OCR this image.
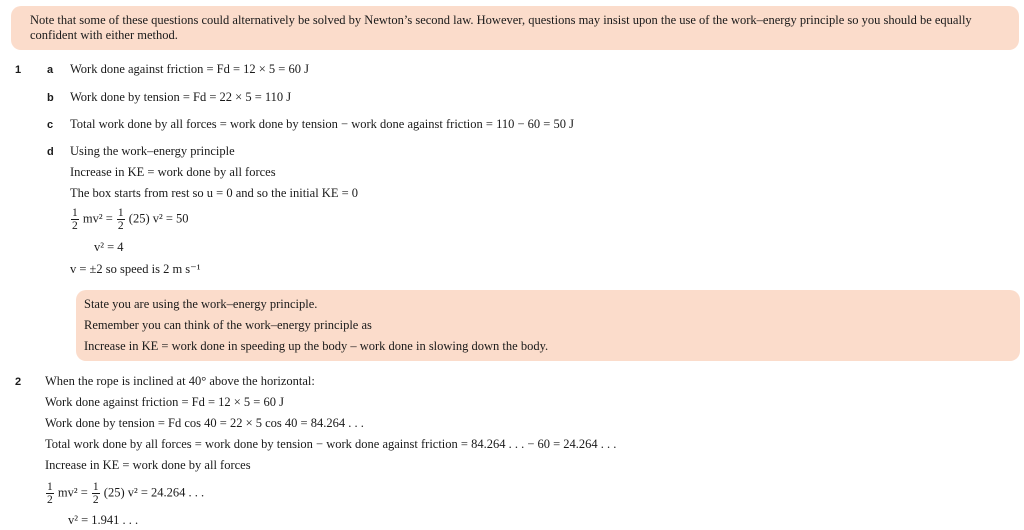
Note that some of these questions could alternatively be solved by Newton’s second law. However, questions may insist upon the use of the work–energy principle so you should be equally confident with either method.
1 a Work done against friction = Fd = 12 × 5 = 60 J
b Work done by tension = Fd = 22 × 5 = 110 J
c Total work done by all forces = work done by tension − work done against friction = 110 − 60 = 50 J
d Using the work–energy principle
Increase in KE = work done by all forces
The box starts from rest so u = 0 and so the initial KE = 0
$\frac{1}{2} mv^2 = \frac{1}{2} (25) v^2 = 50$
v² = 4
v = ±2 so speed is 2 m s⁻¹
State you are using the work–energy principle.
Remember you can think of the work–energy principle as
Increase in KE = work done in speeding up the body – work done in slowing down the body.
2 When the rope is inclined at 40° above the horizontal:
Work done against friction = Fd = 12 × 5 = 60 J
Work done by tension = Fd cos 40 = 22 × 5 cos 40 = 84.264 . . .
Total work done by all forces = work done by tension − work done against friction = 84.264 . . . − 60 = 24.264 . . .
Increase in KE = work done by all forces
$\frac{1}{2} mv^2 = \frac{1}{2} (25) v^2 = 24.264$ . . .
v² = 1.941 . . .
